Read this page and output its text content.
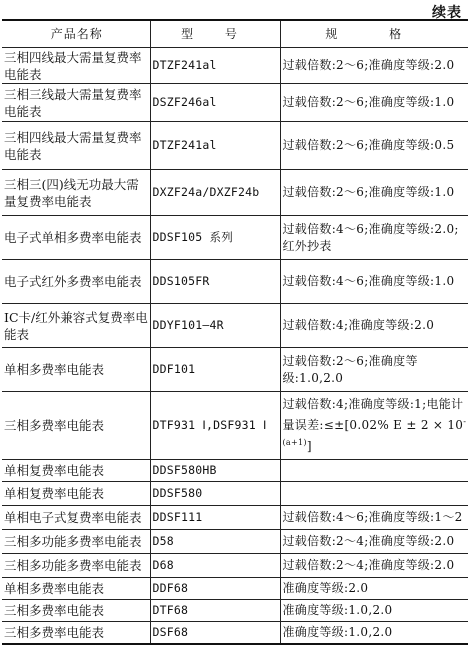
续表
产品名称	型 号	规 格
三相四线最大需量复费率电能表	DTZF241al	过载倍数:2～6;准确度等级:2.0
三相三线最大需量复费率电能表	DSZF246al	过载倍数:2～6;准确度等级:1.0
三相四线最大需量复费率电能表	DTZF241al	过载倍数:2～6;准确度等级:0.5
三相三(四)线无功最大需量复费率电能表	DXZF24a/DXZF24b	过载倍数:2～6;准确度等级:1.0
电子式单相多费率电能表	DDSF105 系列	过载倍数:4～6;准确度等级:2.0;红外抄表
电子式红外多费率电能表	DDS105FR	过载倍数:4～6;准确度等级:1.0
IC卡/红外兼容式复费率电能表	DDYF101—4R	过载倍数:4;准确度等级:2.0
单相多费率电能表	DDF101	过载倍数:2～6;准确度等级:1.0,2.0
三相多费率电能表	DTF931 Ⅰ,DSF931 Ⅰ	过载倍数:4;准确度等级:1;电能计量误差:≤±[0.02% $E \pm 2 \times 10^{-(a+1)}$]
单相复费率电能表	DDSF580HB	
单相复费率电能表	DDSF580	
单相电子式复费率电能表	DDSF111	过载倍数:4～6;准确度等级:1～2
三相多功能多费率电能表	D58	过载倍数:2～4;准确度等级:2.0
三相多功能多费率电能表	D68	过载倍数:2～4;准确度等级:2.0
单相多费率电能表	DDF68	准确度等级:2.0
三相多费率电能表	DTF68	准确度等级:1.0,2.0
三相多费率电能表	DSF68	准确度等级:1.0,2.0
